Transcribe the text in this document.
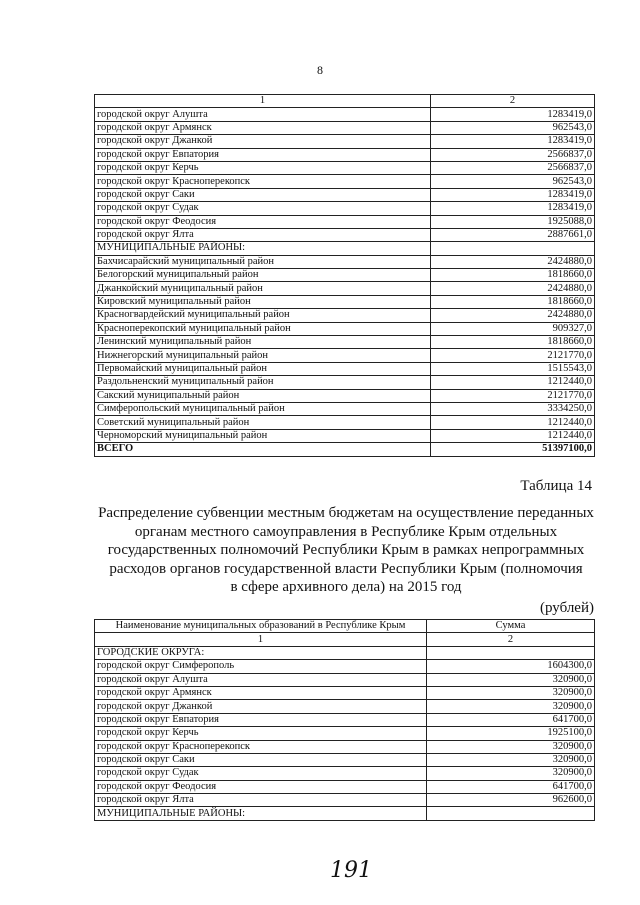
8
1	2
городской округ Алушта	1283419,0
городской округ Армянск	962543,0
городской округ Джанкой	1283419,0
городской округ Евпатория	2566837,0
городской округ Керчь	2566837,0
городской округ Красноперекопск	962543,0
городской округ Саки	1283419,0
городской округ Судак	1283419,0
городской округ Феодосия	1925088,0
городской округ Ялта	2887661,0
МУНИЦИПАЛЬНЫЕ РАЙОНЫ:	
Бахчисарайский муниципальный район	2424880,0
Белогорский муниципальный район	1818660,0
Джанкойский муниципальный район	2424880,0
Кировский муниципальный район	1818660,0
Красногвардейский муниципальный район	2424880,0
Красноперекопский муниципальный район	909327,0
Ленинский муниципальный район	1818660,0
Нижнегорский муниципальный район	2121770,0
Первомайский муниципальный район	1515543,0
Раздольненский муниципальный район	1212440,0
Сакский муниципальный район	2121770,0
Симферопольский муниципальный район	3334250,0
Советский муниципальный район	1212440,0
Черноморский муниципальный район	1212440,0
ВСЕГО	51397100,0
Таблица 14
Распределение субвенции местным бюджетам на осуществление переданных
органам местного самоуправления в Республике Крым отдельных
государственных полномочий Республики Крым в рамках непрограммных
расходов органов государственной власти Республики Крым (полномочия
в сфере архивного дела) на 2015 год
(рублей)
Наименование муниципальных образований в Республике Крым	Сумма
1	2
ГОРОДСКИЕ ОКРУГА:	
городской округ Симферополь	1604300,0
городской округ Алушта	320900,0
городской округ Армянск	320900,0
городской округ Джанкой	320900,0
городской округ Евпатория	641700,0
городской округ Керчь	1925100,0
городской округ Красноперекопск	320900,0
городской округ Саки	320900,0
городской округ Судак	320900,0
городской округ Феодосия	641700,0
городской округ Ялта	962600,0
МУНИЦИПАЛЬНЫЕ РАЙОНЫ:	
191
